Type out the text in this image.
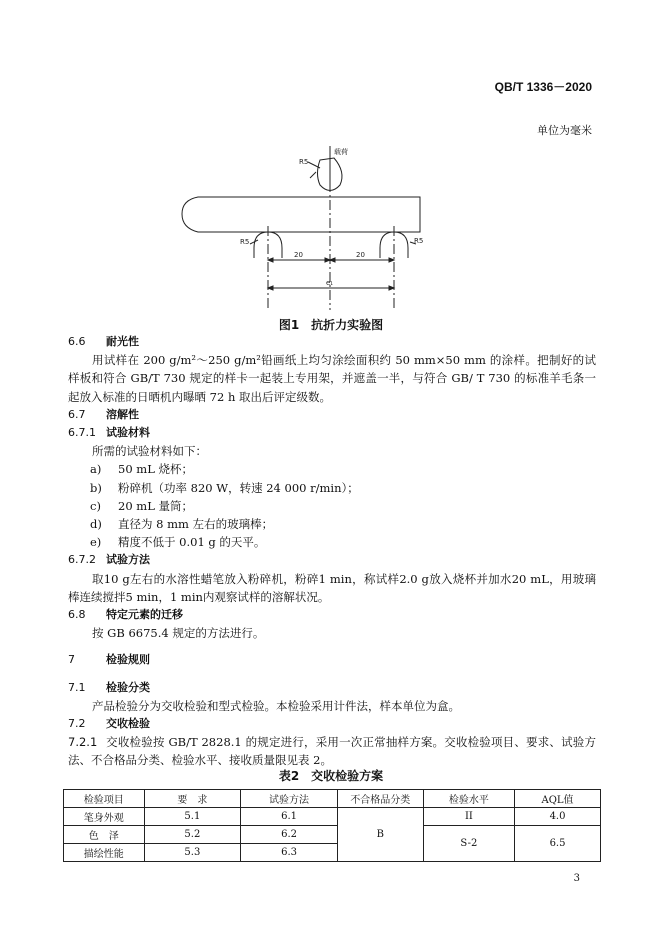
QB/T 1336－2020
单位为毫米
载荷
R5
R5	R5
20	20
e₁
图1　抗折力实验图
6.6 耐光性

用试样在 200 g/m²～250 g/m²铅画纸上均匀涂绘面积约 50 mm×50 mm 的涂样。把制好的试样板和符合 GB/T 730 规定的样卡一起装上专用架，并遮盖一半，与符合 GB/ T 730 的标准羊毛条一起放入标准的日晒机内曝晒 72 h 取出后评定级数。

6.7 溶解性
6.7.1 试验材料

所需的试验材料如下：

a) 50 mL 烧杯；

b) 粉碎机（功率 820 W，转速 24 000 r/min）；

c) 20 mL 量筒；

d) 直径为 8 mm 左右的玻璃棒；

e) 精度不低于 0.01 g 的天平。

6.7.2 试验方法

取10 g左右的水溶性蜡笔放入粉碎机，粉碎1 min，称试样2.0 g放入烧杯并加水20 mL，用玻璃棒连续搅拌5 min，1 min内观察试样的溶解状况。

6.8 特定元素的迁移

按 GB 6675.4 规定的方法进行。

7	检验规则
7.1 检验分类

产品检验分为交收检验和型式检验。本检验采用计件法，样本单位为盒。

7.2 交收检验

7.2.1 交收检验按 GB/T 2828.1 的规定进行，采用一次正常抽样方案。交收检验项目、要求、试验方法、不合格品分类、检验水平、接收质量限见表 2。

表2　交收检验方案
检验项目	要　求	试验方法	不合格品分类	检验水平	AQL值
笔身外观	5.1	6.1	B	II	4.0
色　泽	5.2	6.2		S-2	6.5
描绘性能	5.3	6.3			
3
